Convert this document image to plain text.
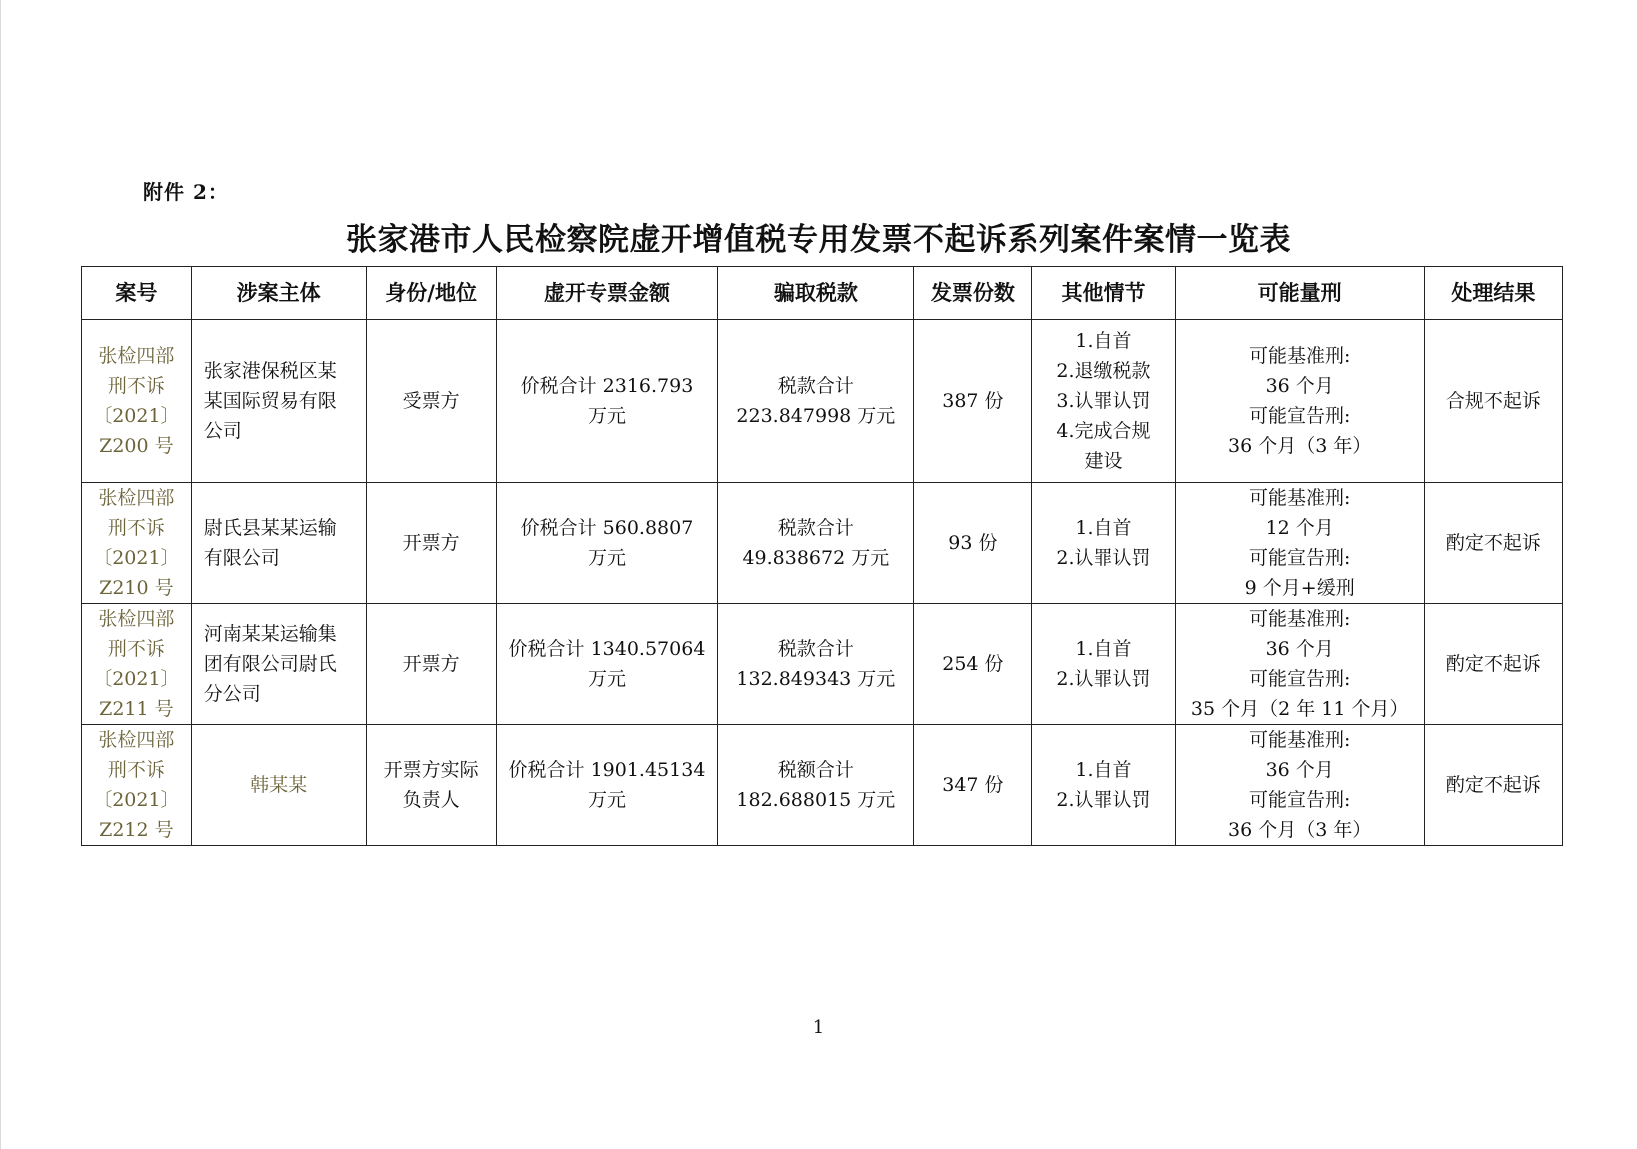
附件 2：
张家港市人民检察院虚开增值税专用发票不起诉系列案件案情一览表
案号	涉案主体	身份/地位	虚开专票金额	骗取税款	发票份数	其他情节	可能量刑	处理结果
张检四部
刑不诉
〔2021〕
Z200 号	张家港保税区某
某国际贸易有限
公司	受票方	价税合计 2316.793
万元	税款合计
223.847998 万元	387 份	1.自首
2.退缴税款
3.认罪认罚
4.完成合规
建设	可能基准刑:
36 个月
可能宣告刑:
36 个月（3 年）	合规不起诉
张检四部
刑不诉
〔2021〕
Z210 号	尉氏县某某运输
有限公司	开票方	价税合计 560.8807
万元	税款合计
49.838672 万元	93 份	1.自首
2.认罪认罚	可能基准刑:
12 个月
可能宣告刑:
9 个月+缓刑	酌定不起诉
张检四部
刑不诉
〔2021〕
Z211 号	河南某某运输集
团有限公司尉氏
分公司	开票方	价税合计 1340.57064
万元	税款合计
132.849343 万元	254 份	1.自首
2.认罪认罚	可能基准刑:
36 个月
可能宣告刑:
35 个月（2 年 11 个月）	酌定不起诉
张检四部
刑不诉
〔2021〕
Z212 号	韩某某	开票方实际
负责人	价税合计 1901.45134
万元	税额合计
182.688015 万元	347 份	1.自首
2.认罪认罚	可能基准刑:
36 个月
可能宣告刑:
36 个月（3 年）	酌定不起诉
1
